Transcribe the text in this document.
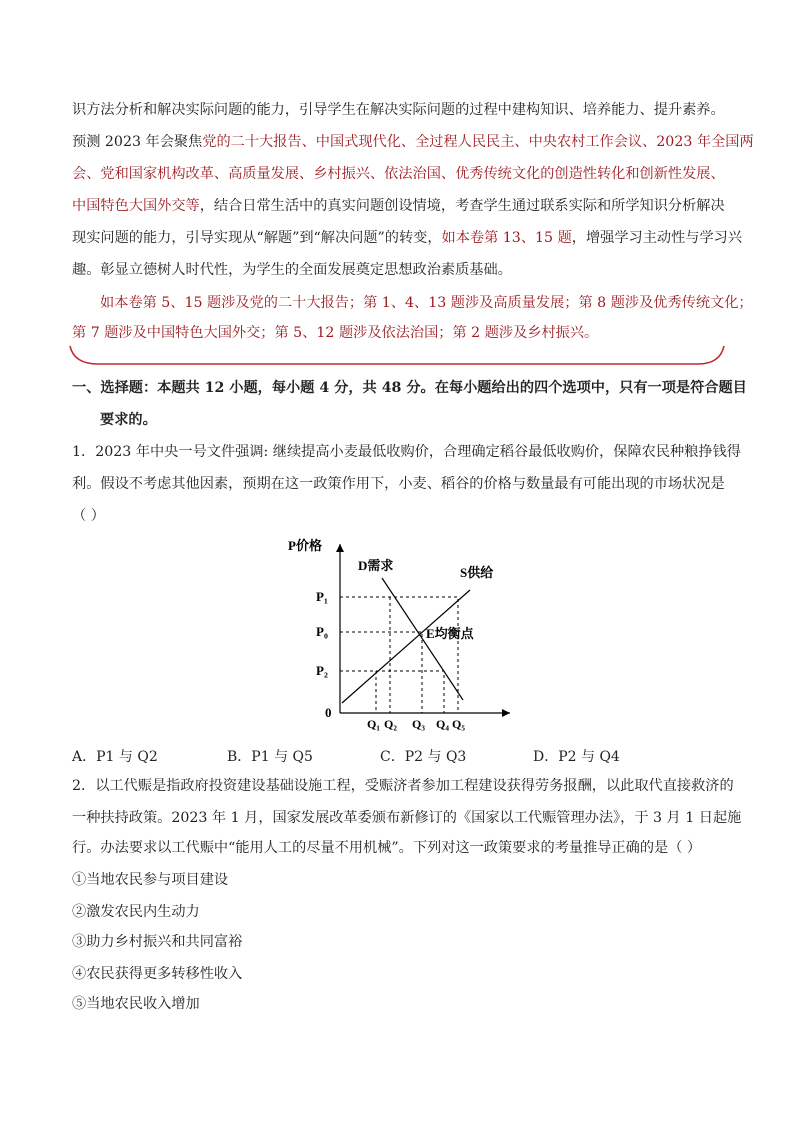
识方法分析和解决实际问题的能力，引导学生在解决实际问题的过程中建构知识、培养能力、提升素养。
预测 2023 年会聚焦党的二十大报告、中国式现代化、全过程人民民主、中央农村工作会议、2023 年全国两
会、党和国家机构改革、高质量发展、乡村振兴、依法治国、优秀传统文化的创造性转化和创新性发展、
中国特色大国外交等，结合日常生活中的真实问题创设情境，考查学生通过联系实际和所学知识分析解决
现实问题的能力，引导实现从“解题”到“解决问题”的转变，如本卷第 13、15 题，增强学习主动性与学习兴
趣。彰显立德树人时代性，为学生的全面发展奠定思想政治素质基础。
如本卷第 5、15 题涉及党的二十大报告；第 1、4、13 题涉及高质量发展；第 8 题涉及优秀传统文化；
第 7 题涉及中国特色大国外交；第 5、12 题涉及依法治国；第 2 题涉及乡村振兴。
一、选择题：本题共 12 小题，每小题 4 分，共 48 分。在每小题给出的四个选项中，只有一项是符合题目
要求的。
1．2023 年中央一号文件强调: 继续提高小麦最低收购价，合理确定稻谷最低收购价，保障农民种粮挣钱得
利。假设不考虑其他因素，预期在这一政策作用下，小麦、稻谷的价格与数量最有可能出现的市场状况是
（ ）
D需求	S供给
E均衡点
P价格
P₁
P₀
P₂
0
Q₁ Q₂ Q₃ Q₄ Q₅
A．P1 与 Q2	B．P1 与 Q5	C．P2 与 Q3	D．P2 与 Q4
2．以工代赈是指政府投资建设基础设施工程，受赈济者参加工程建设获得劳务报酬，以此取代直接救济的
一种扶持政策。2023 年 1 月，国家发展改革委颁布新修订的《国家以工代赈管理办法》，于 3 月 1 日起施
行。办法要求以工代赈中“能用人工的尽量不用机械”。下列对这一政策要求的考量推导正确的是（ ）
①当地农民参与项目建设
②激发农民内生动力
③助力乡村振兴和共同富裕
④农民获得更多转移性收入
⑤当地农民收入增加
